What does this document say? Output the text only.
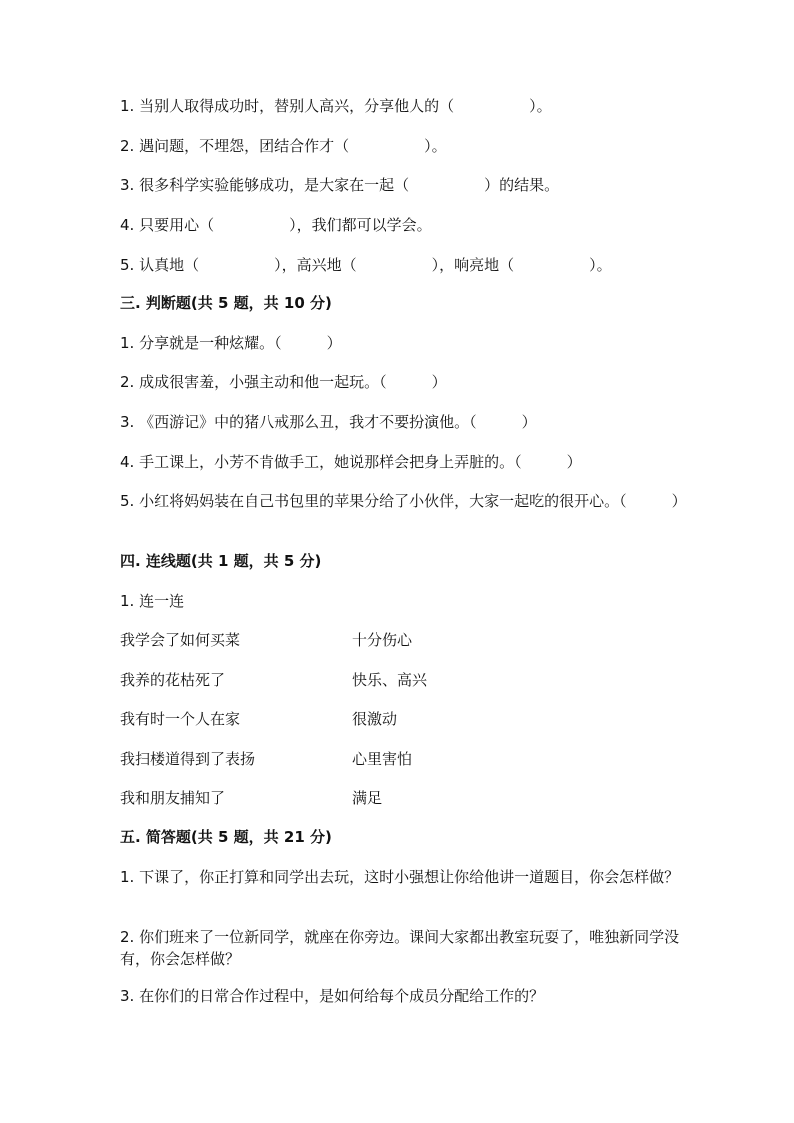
1. 当别人取得成功时，替别人高兴，分享他人的（　　　　　）。
2. 遇问题，不埋怨，团结合作才（　　　　　）。
3. 很多科学实验能够成功，是大家在一起（　　　　　）的结果。
4. 只要用心（　　　　　），我们都可以学会。
5. 认真地（　　　　　），高兴地（　　　　　），响亮地（　　　　　）。
三. 判断题(共 5 题，共 10 分)
1. 分享就是一种炫耀。（　　　）
2. 成成很害羞，小强主动和他一起玩。（　　　）
3. 《西游记》中的猪八戒那么丑，我才不要扮演他。（　　　）
4. 手工课上，小芳不肯做手工，她说那样会把身上弄脏的。（　　　）
5. 小红将妈妈装在自己书包里的苹果分给了小伙伴，大家一起吃的很开心。（　　　）
四. 连线题(共 1 题，共 5 分)
1. 连一连
我学会了如何买菜	十分伤心
我养的花枯死了	快乐、高兴
我有时一个人在家	很激动
我扫楼道得到了表扬	心里害怕
我和朋友捕知了	满足
五. 简答题(共 5 题，共 21 分)
1. 下课了，你正打算和同学出去玩，这时小强想让你给他讲一道题目，你会怎样做？
2. 你们班来了一位新同学，就座在你旁边。课间大家都出教室玩耍了，唯独新同学没有，你会怎样做？
3. 在你们的日常合作过程中，是如何给每个成员分配给工作的？
